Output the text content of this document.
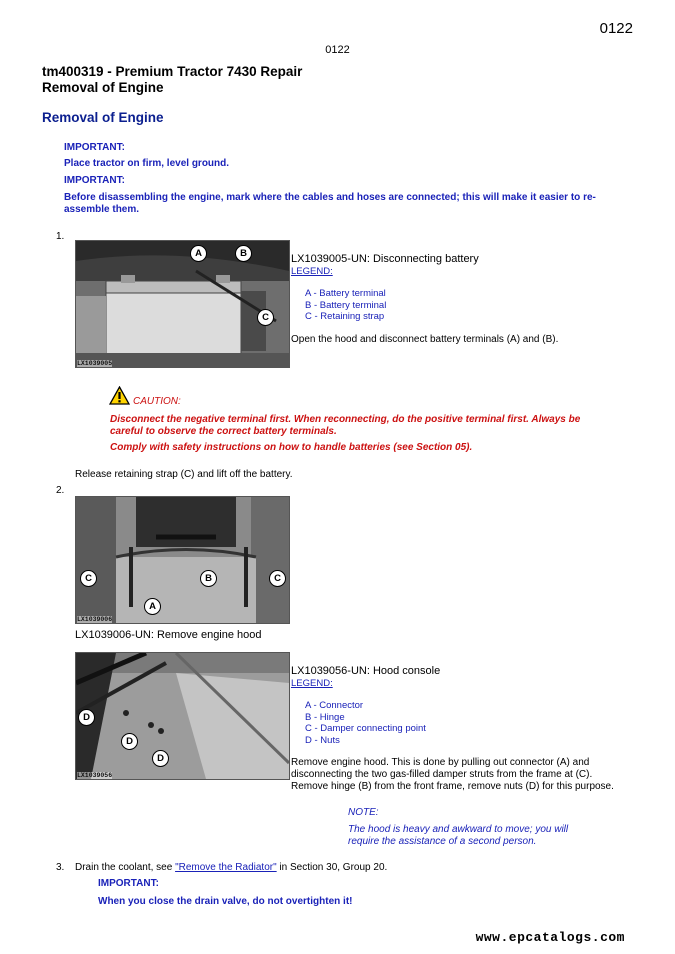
0122
0122
tm400319 - Premium Tractor 7430 Repair
Removal of Engine
Removal of Engine
IMPORTANT:
Place tractor on firm, level ground.
IMPORTANT:
Before disassembling the engine, mark where the cables and hoses are connected; this will make it easier to re-
assemble them.
1.
A	B
C
LX1039005
LX1039005-UN: Disconnecting battery
LEGEND:
A - Battery terminal
B - Battery terminal
C - Retaining strap
Open the hood and disconnect battery terminals (A) and (B).
CAUTION:
Disconnect the negative terminal first. When reconnecting, do the positive terminal first. Always be
careful to observe the correct battery terminals.
Comply with safety instructions on how to handle batteries (see Section 05).
Release retaining strap (C) and lift off the battery.
2.
C	B	C
A
LX1039006
LX1039006-UN: Remove engine hood
D
D
D
LX1039056
LX1039056-UN: Hood console
LEGEND:
A - Connector
B - Hinge
C - Damper connecting point
D - Nuts
Remove engine hood. This is done by pulling out connector (A) and
disconnecting the two gas-filled damper struts from the frame at (C).
Remove hinge (B) from the front frame, remove nuts (D) for this purpose.
NOTE:
The hood is heavy and awkward to move; you will
require the assistance of a second person.
3. Drain the coolant, see "Remove the Radiator" in Section 30, Group 20.
IMPORTANT:
When you close the drain valve, do not overtighten it!
www.epcatalogs.com
